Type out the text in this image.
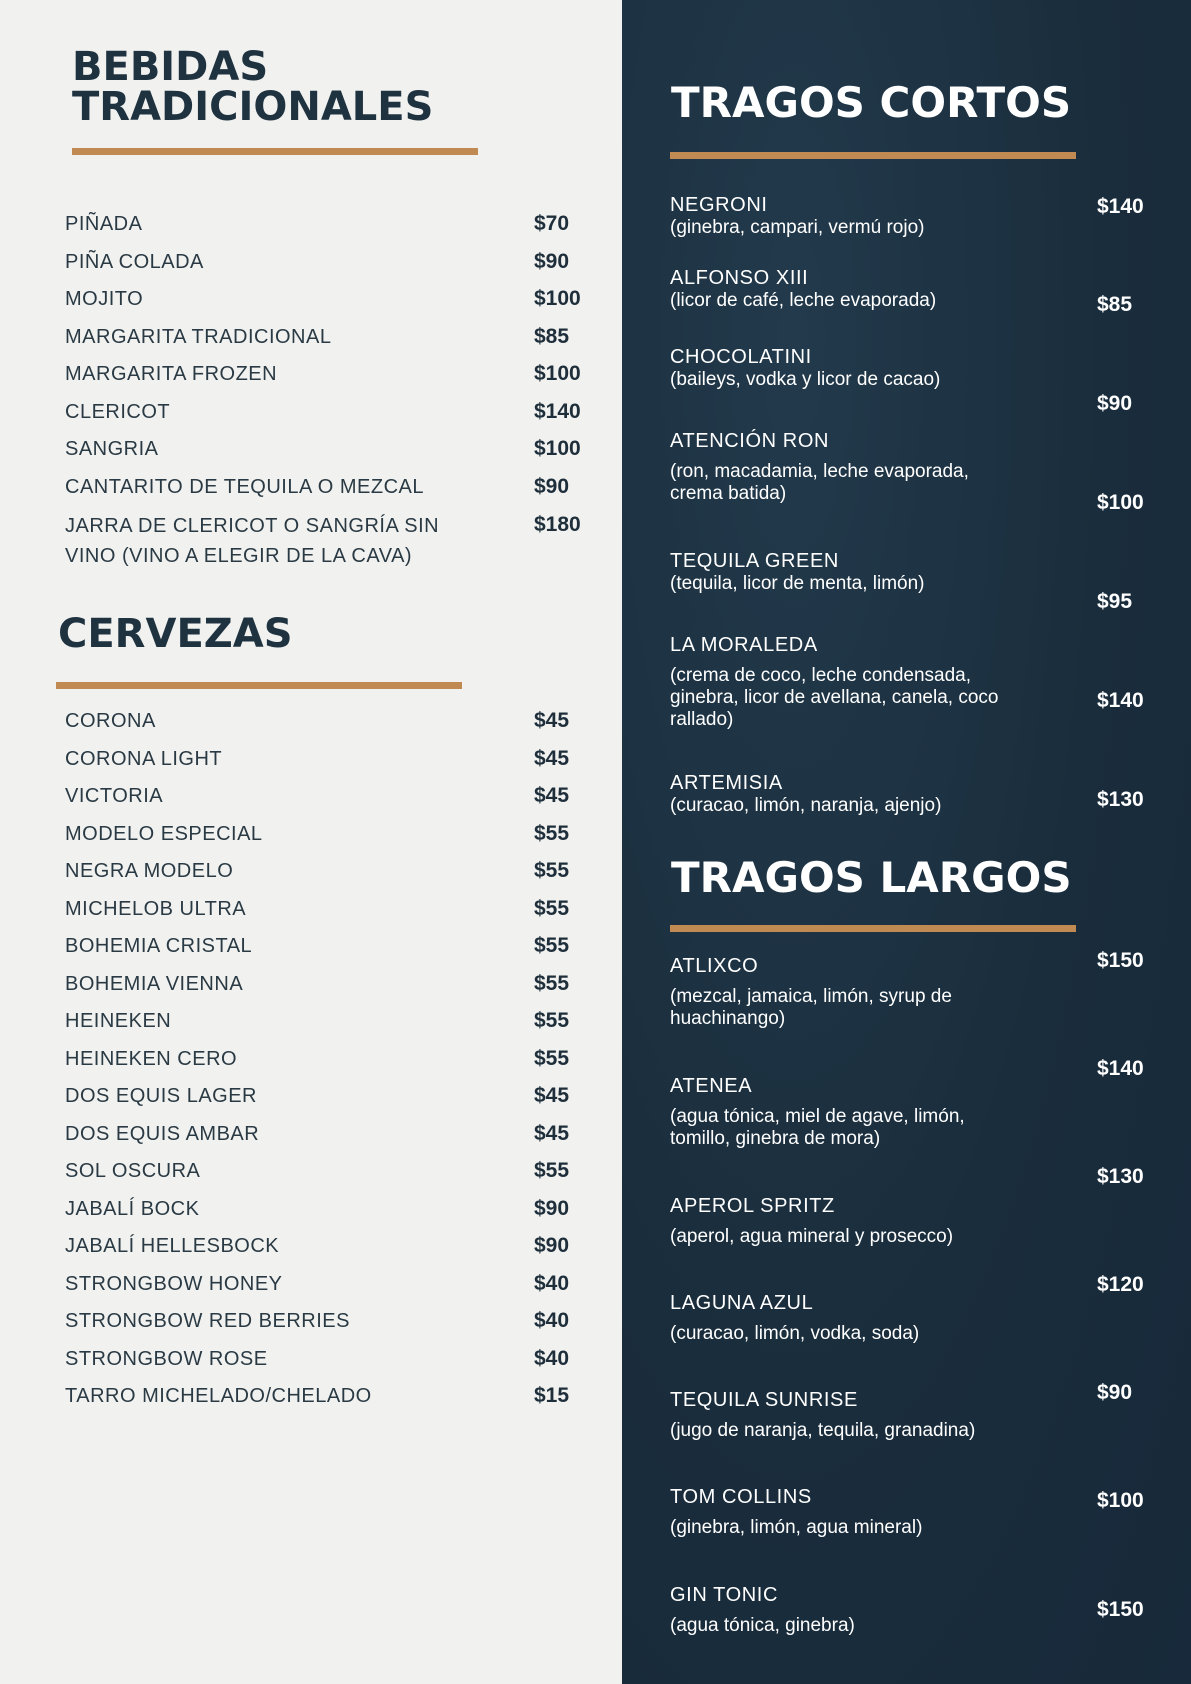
BEBIDAS
TRADICIONALES
PIÑADA	$70
PIÑA COLADA	$90
MOJITO	$100
MARGARITA TRADICIONAL	$85
MARGARITA FROZEN	$100
CLERICOT	$140
SANGRIA	$100
CANTARITO DE TEQUILA O MEZCAL	$90
JARRA DE CLERICOT O SANGRÍA SIN
VINO (VINO A ELEGIR DE LA CAVA)
$180
CERVEZAS
CORONA	$45
CORONA LIGHT	$45
VICTORIA	$45
MODELO ESPECIAL	$55
NEGRA MODELO	$55
MICHELOB ULTRA	$55
BOHEMIA CRISTAL	$55
BOHEMIA VIENNA	$55
HEINEKEN	$55
HEINEKEN CERO	$55
DOS EQUIS LAGER	$45
DOS EQUIS AMBAR	$45
SOL OSCURA	$55
JABALÍ BOCK	$90
JABALÍ HELLESBOCK	$90
STRONGBOW HONEY	$40
STRONGBOW RED BERRIES	$40
STRONGBOW ROSE	$40
TARRO MICHELADO/CHELADO	$15
TRAGOS CORTOS
NEGRONI
(ginebra, campari, vermú rojo)
$140
ALFONSO XIII
(licor de café, leche evaporada)	$85
CHOCOLATINI
(baileys, vodka y licor de cacao)
$90
ATENCIÓN RON
(ron, macadamia, leche evaporada, crema batida)	$100
TEQUILA GREEN
(tequila, licor de menta, limón)
$95
LA MORALEDA
(crema de coco, leche condensada, ginebra, licor de avellana, canela, coco rallado)
$140
ARTEMISIA
(curacao, limón, naranja, ajenjo)	$130
TRAGOS LARGOS
ATLIXCO
(mezcal, jamaica, limón, syrup de huachinango)
$150
ATENEA
(agua tónica, miel de agave, limón, tomillo, ginebra de mora)
$140
APEROL SPRITZ
(aperol, agua mineral y prosecco)
$130
LAGUNA AZUL
(curacao, limón, vodka, soda)
$120
TEQUILA SUNRISE
(jugo de naranja, tequila, granadina)
$90
TOM COLLINS
(ginebra, limón, agua mineral)
$100
GIN TONIC
(agua tónica, ginebra)
$150
